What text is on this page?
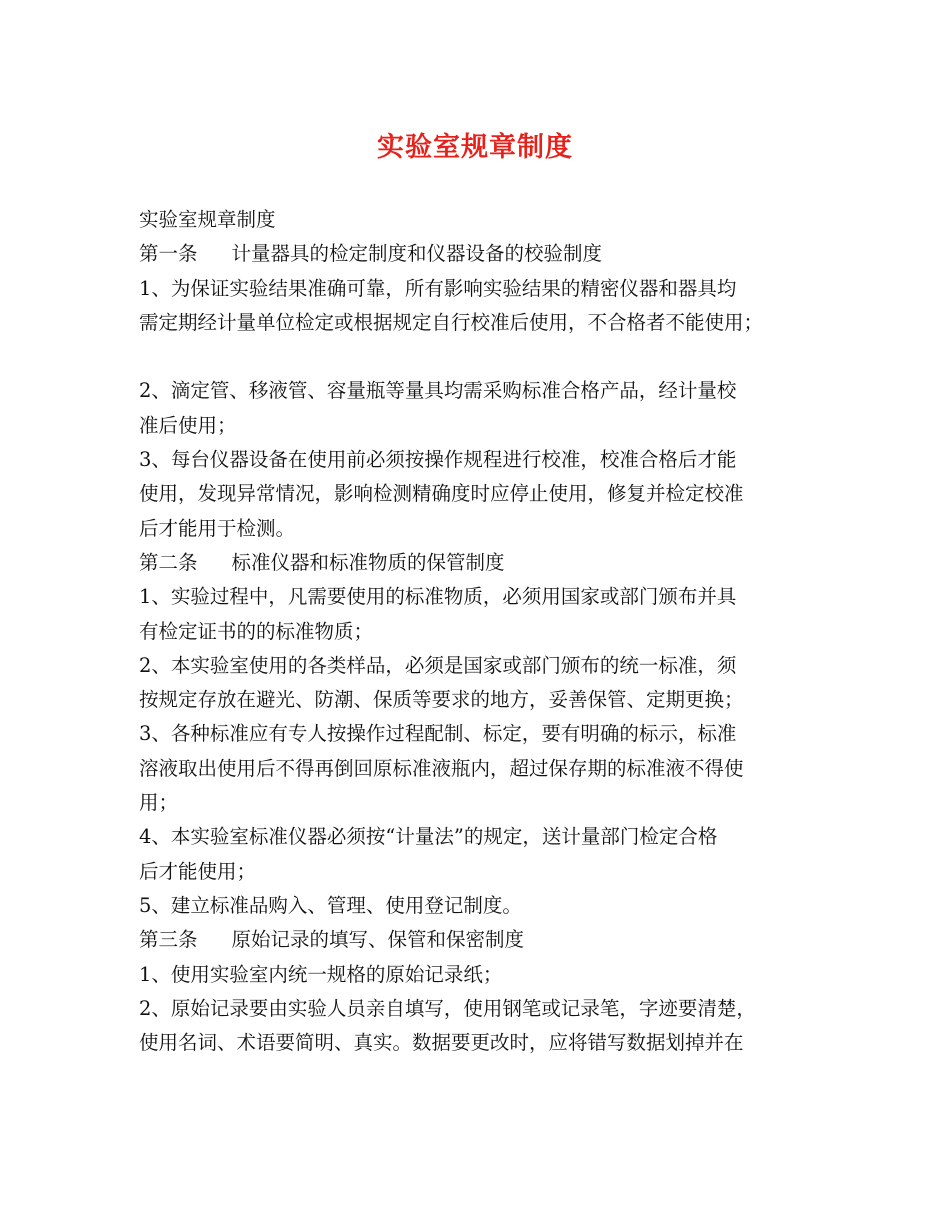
实验室规章制度
实验室规章制度
第一条 计量器具的检定制度和仪器设备的校验制度
1、为保证实验结果准确可靠，所有影响实验结果的精密仪器和器具均
需定期经计量单位检定或根据规定自行校准后使用，不合格者不能使用；
2、滴定管、移液管、容量瓶等量具均需采购标准合格产品，经计量校
准后使用；
3、每台仪器设备在使用前必须按操作规程进行校准，校准合格后才能
使用，发现异常情况，影响检测精确度时应停止使用，修复并检定校准
后才能用于检测。
第二条 标准仪器和标准物质的保管制度
1、实验过程中，凡需要使用的标准物质，必须用国家或部门颁布并具
有检定证书的的标准物质；
2、本实验室使用的各类样品，必须是国家或部门颁布的统一标准，须
按规定存放在避光、防潮、保质等要求的地方，妥善保管、定期更换；
3、各种标准应有专人按操作过程配制、标定，要有明确的标示，标准
溶液取出使用后不得再倒回原标准液瓶内，超过保存期的标准液不得使
用；
4、本实验室标准仪器必须按“计量法”的规定，送计量部门检定合格
后才能使用；
5、建立标准品购入、管理、使用登记制度。
第三条 原始记录的填写、保管和保密制度
1、使用实验室内统一规格的原始记录纸；
2、原始记录要由实验人员亲自填写，使用钢笔或记录笔，字迹要清楚，
使用名词、术语要简明、真实。数据要更改时，应将错写数据划掉并在
